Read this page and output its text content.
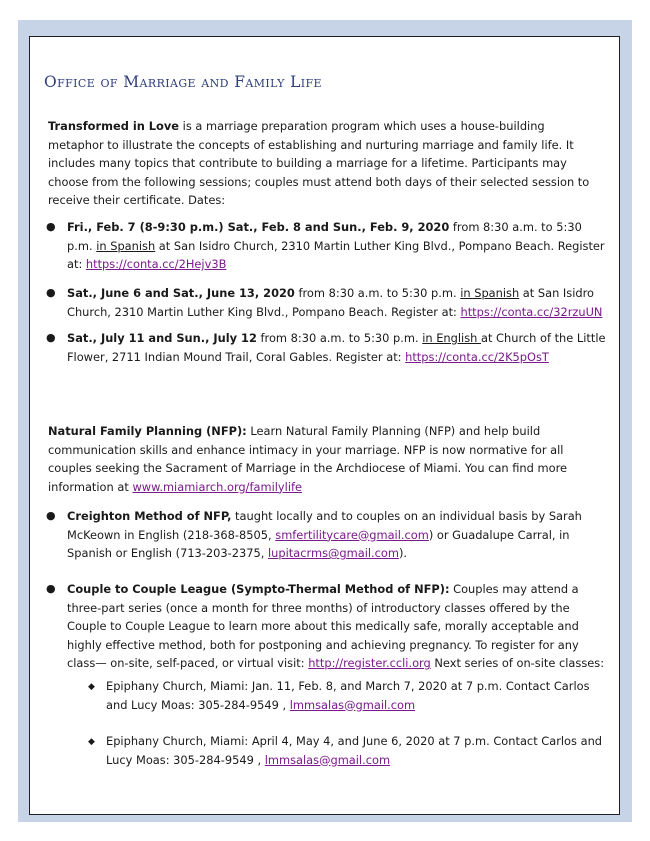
Office of Marriage and Family Life

Transformed in Love is a marriage preparation program which uses a house-building metaphor to illustrate the concepts of establishing and nurturing marriage and family life. It includes many topics that contribute to building a marriage for a lifetime. Participants may choose from the following sessions; couples must attend both days of their selected session to receive their certificate. Dates:

● Fri., Feb. 7 (8-9:30 p.m.) Sat., Feb. 8 and Sun., Feb. 9, 2020 from 8:30 a.m. to 5:30 p.m. in Spanish at San Isidro Church, 2310 Martin Luther King Blvd., Pompano Beach. Register at: https://conta.cc/2Hejv3B
● Sat., June 6 and Sat., June 13, 2020 from 8:30 a.m. to 5:30 p.m. in Spanish at San Isidro Church, 2310 Martin Luther King Blvd., Pompano Beach. Register at: https://conta.cc/32rzuUN
● Sat., July 11 and Sun., July 12 from 8:30 a.m. to 5:30 p.m. in English at Church of the Little Flower, 2711 Indian Mound Trail, Coral Gables. Register at: https://conta.cc/2K5pOsT

Natural Family Planning (NFP): Learn Natural Family Planning (NFP) and help build communication skills and enhance intimacy in your marriage. NFP is now normative for all couples seeking the Sacrament of Marriage in the Archdiocese of Miami. You can find more information at www.miamiarch.org/familylife

● Creighton Method of NFP, taught locally and to couples on an individual basis by Sarah McKeown in English (218-368-8505, smfertilitycare@gmail.com) or Guadalupe Carral, in Spanish or English (713-203-2375, lupitacrms@gmail.com).
● Couple to Couple League (Sympto-Thermal Method of NFP): Couples may attend a three-part series (once a month for three months) of introductory classes offered by the Couple to Couple League to learn more about this medically safe, morally acceptable and highly effective method, both for postponing and achieving pregnancy. To register for any class— on-site, self-paced, or virtual visit: http://register.ccli.org Next series of on-site classes:
◆ Epiphany Church, Miami: Jan. 11, Feb. 8, and March 7, 2020 at 7 p.m. Contact Carlos and Lucy Moas: 305-284-9549 , lmmsalas@gmail.com
◆ Epiphany Church, Miami: April 4, May 4, and June 6, 2020 at 7 p.m. Contact Carlos and Lucy Moas: 305-284-9549 , lmmsalas@gmail.com
